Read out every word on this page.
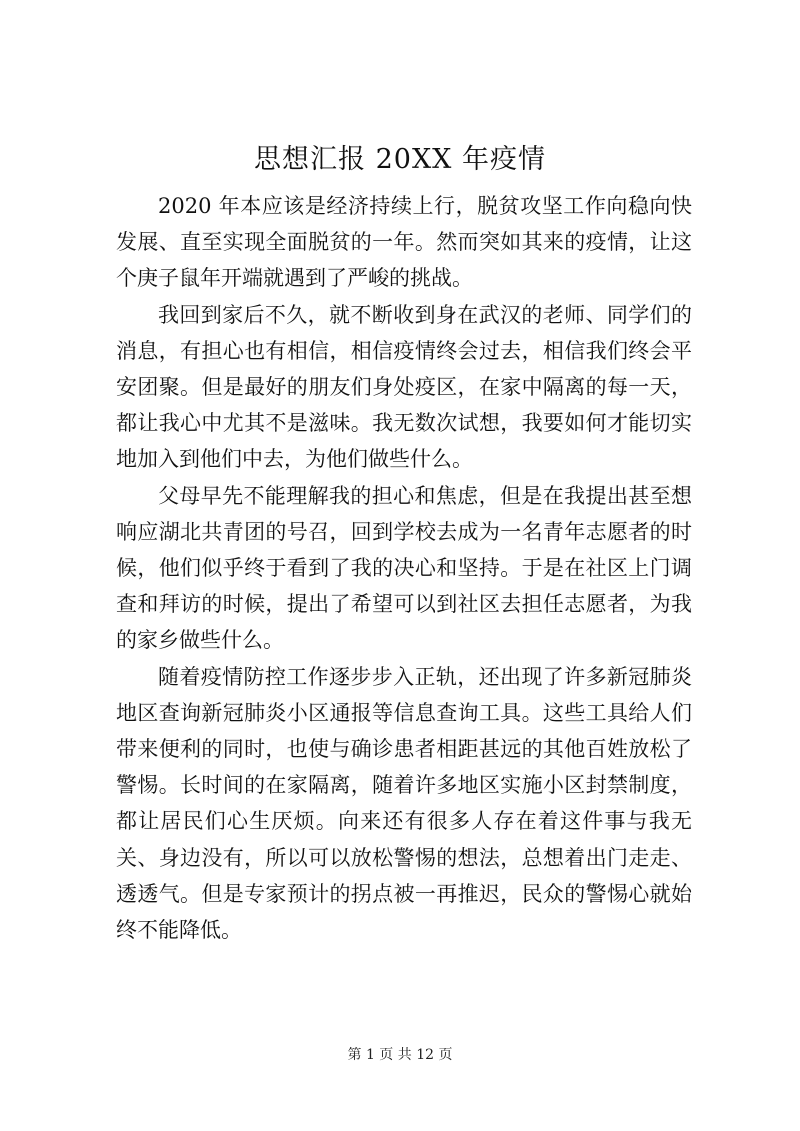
思想汇报 20XX 年疫情

2020 年本应该是经济持续上行，脱贫攻坚工作向稳向快发展、直至实现全面脱贫的一年。然而突如其来的疫情，让这个庚子鼠年开端就遇到了严峻的挑战。

我回到家后不久，就不断收到身在武汉的老师、同学们的消息，有担心也有相信，相信疫情终会过去，相信我们终会平安团聚。但是最好的朋友们身处疫区，在家中隔离的每一天，都让我心中尤其不是滋味。我无数次试想，我要如何才能切实地加入到他们中去，为他们做些什么。

父母早先不能理解我的担心和焦虑，但是在我提出甚至想响应湖北共青团的号召，回到学校去成为一名青年志愿者的时候，他们似乎终于看到了我的决心和坚持。于是在社区上门调查和拜访的时候，提出了希望可以到社区去担任志愿者，为我的家乡做些什么。

随着疫情防控工作逐步步入正轨，还出现了许多新冠肺炎地区查询新冠肺炎小区通报等信息查询工具。这些工具给人们带来便利的同时，也使与确诊患者相距甚远的其他百姓放松了警惕。长时间的在家隔离，随着许多地区实施小区封禁制度，都让居民们心生厌烦。向来还有很多人存在着这件事与我无关、身边没有，所以可以放松警惕的想法，总想着出门走走、透透气。但是专家预计的拐点被一再推迟，民众的警惕心就始终不能降低。

第 1 页 共 12 页
